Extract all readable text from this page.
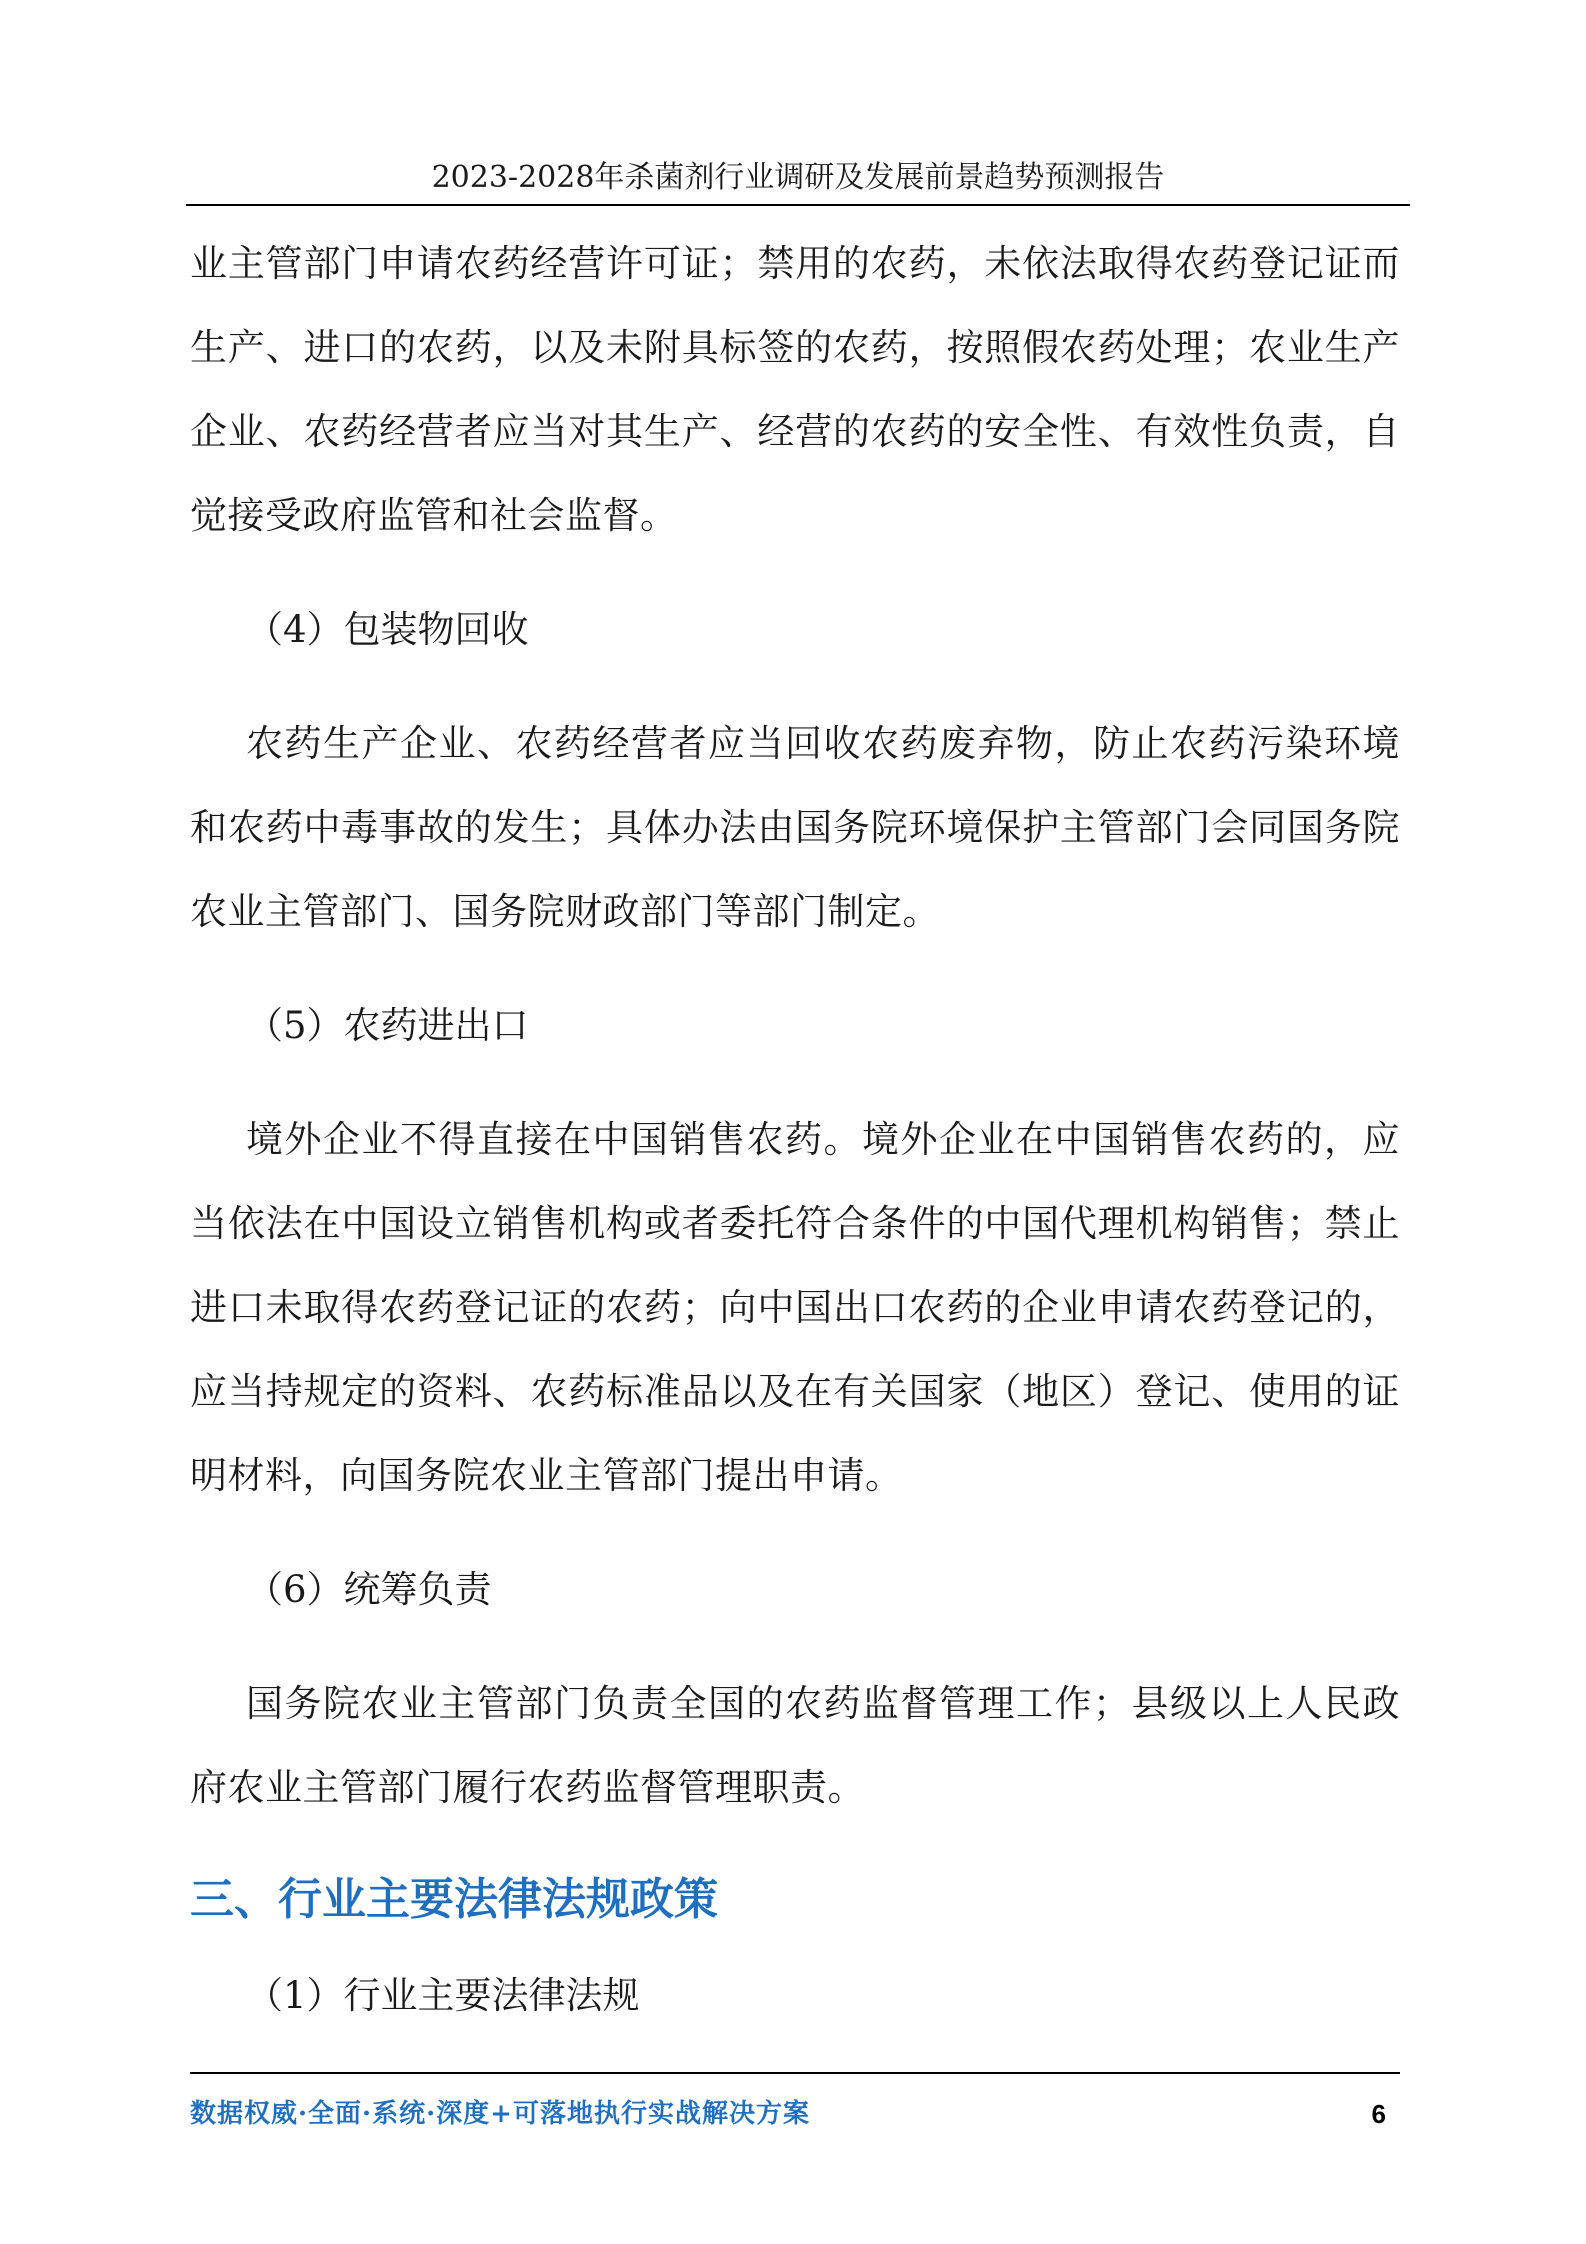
2023-2028年杀菌剂行业调研及发展前景趋势预测报告

业主管部门申请农药经营许可证；禁用的农药，未依法取得农药登记证而生产、进口的农药，以及未附具标签的农药，按照假农药处理；农业生产企业、农药经营者应当对其生产、经营的农药的安全性、有效性负责，自觉接受政府监管和社会监督。

（4）包装物回收

农药生产企业、农药经营者应当回收农药废弃物，防止农药污染环境和农药中毒事故的发生；具体办法由国务院环境保护主管部门会同国务院农业主管部门、国务院财政部门等部门制定。

（5）农药进出口

境外企业不得直接在中国销售农药。境外企业在中国销售农药的，应当依法在中国设立销售机构或者委托符合条件的中国代理机构销售；禁止进口未取得农药登记证的农药；向中国出口农药的企业申请农药登记的，应当持规定的资料、农药标准品以及在有关国家（地区）登记、使用的证明材料，向国务院农业主管部门提出申请。

（6）统筹负责

国务院农业主管部门负责全国的农药监督管理工作；县级以上人民政府农业主管部门履行农药监督管理职责。

三、行业主要法律法规政策
（1）行业主要法律法规
数据权威·全面·系统·深度+可落地执行实战解决方案	6
